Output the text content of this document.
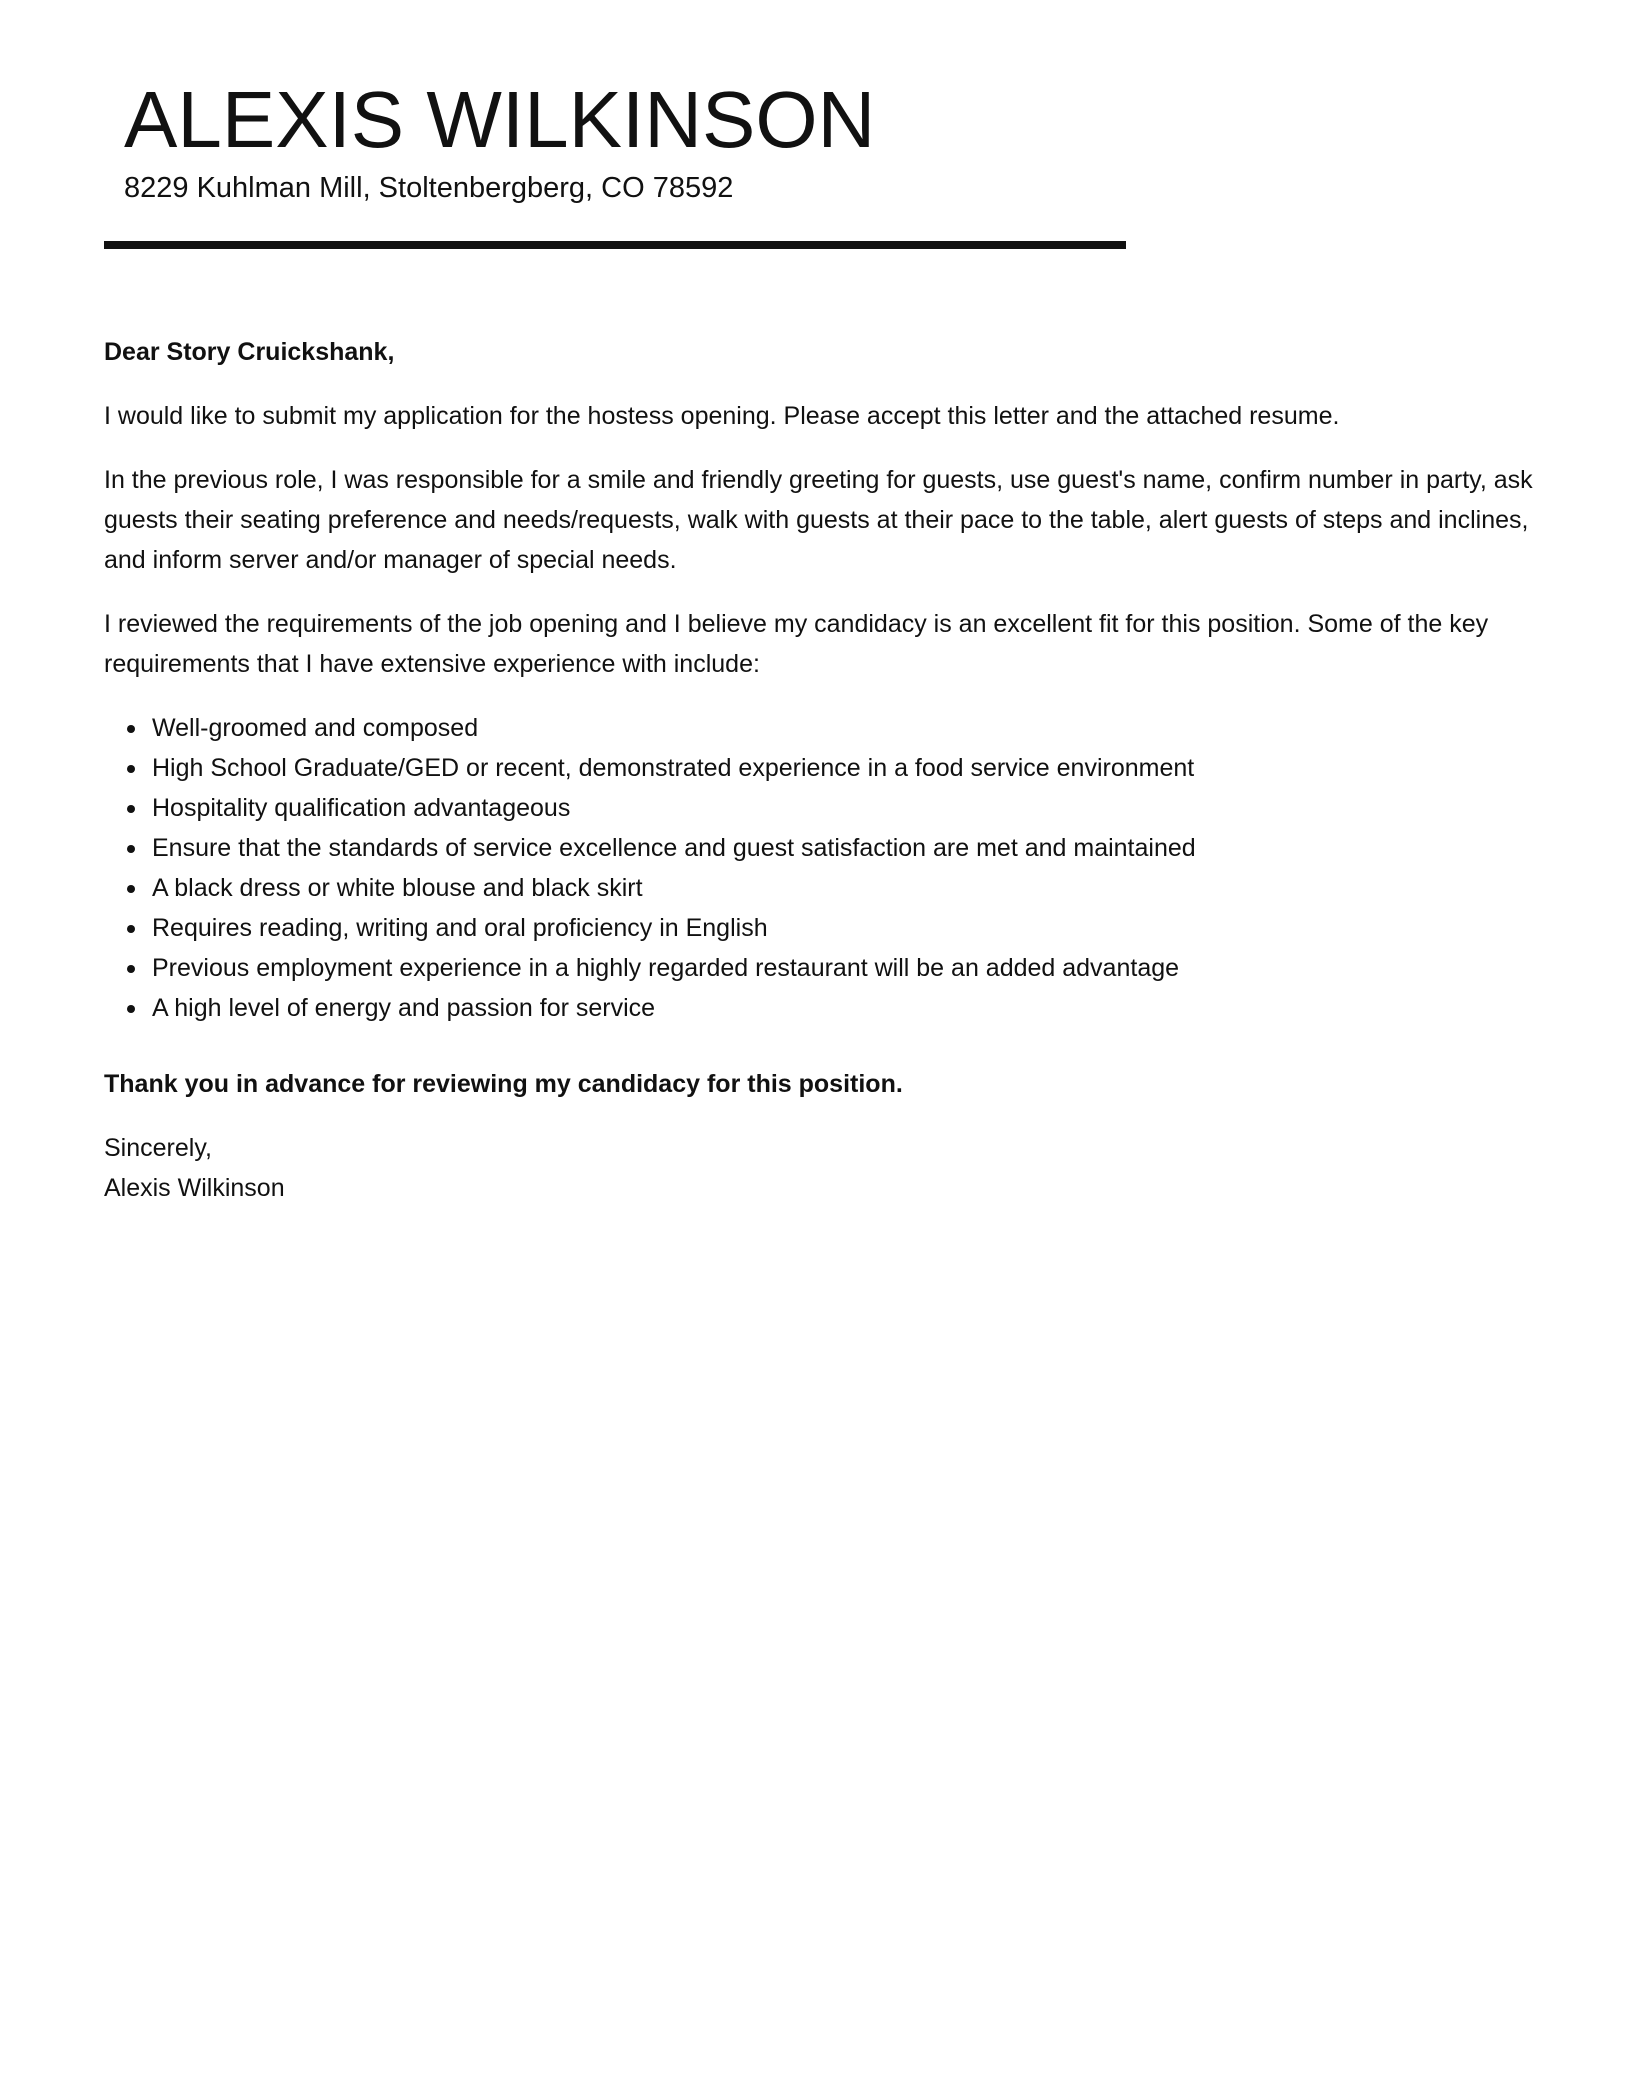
ALEXIS WILKINSON
8229 Kuhlman Mill, Stoltenbergberg, CO 78592

Dear Story Cruickshank,

I would like to submit my application for the hostess opening. Please accept this letter and the attached resume.

In the previous role, I was responsible for a smile and friendly greeting for guests, use guest's name, confirm number in party, ask guests their seating preference and needs/requests, walk with guests at their pace to the table, alert guests of steps and inclines, and inform server and/or manager of special needs.

I reviewed the requirements of the job opening and I believe my candidacy is an excellent fit for this position. Some of the key requirements that I have extensive experience with include:

Well-groomed and composed
High School Graduate/GED or recent, demonstrated experience in a food service environment
Hospitality qualification advantageous
Ensure that the standards of service excellence and guest satisfaction are met and maintained
A black dress or white blouse and black skirt
Requires reading, writing and oral proficiency in English
Previous employment experience in a highly regarded restaurant will be an added advantage
A high level of energy and passion for service

Thank you in advance for reviewing my candidacy for this position.

Sincerely,

Alexis Wilkinson
